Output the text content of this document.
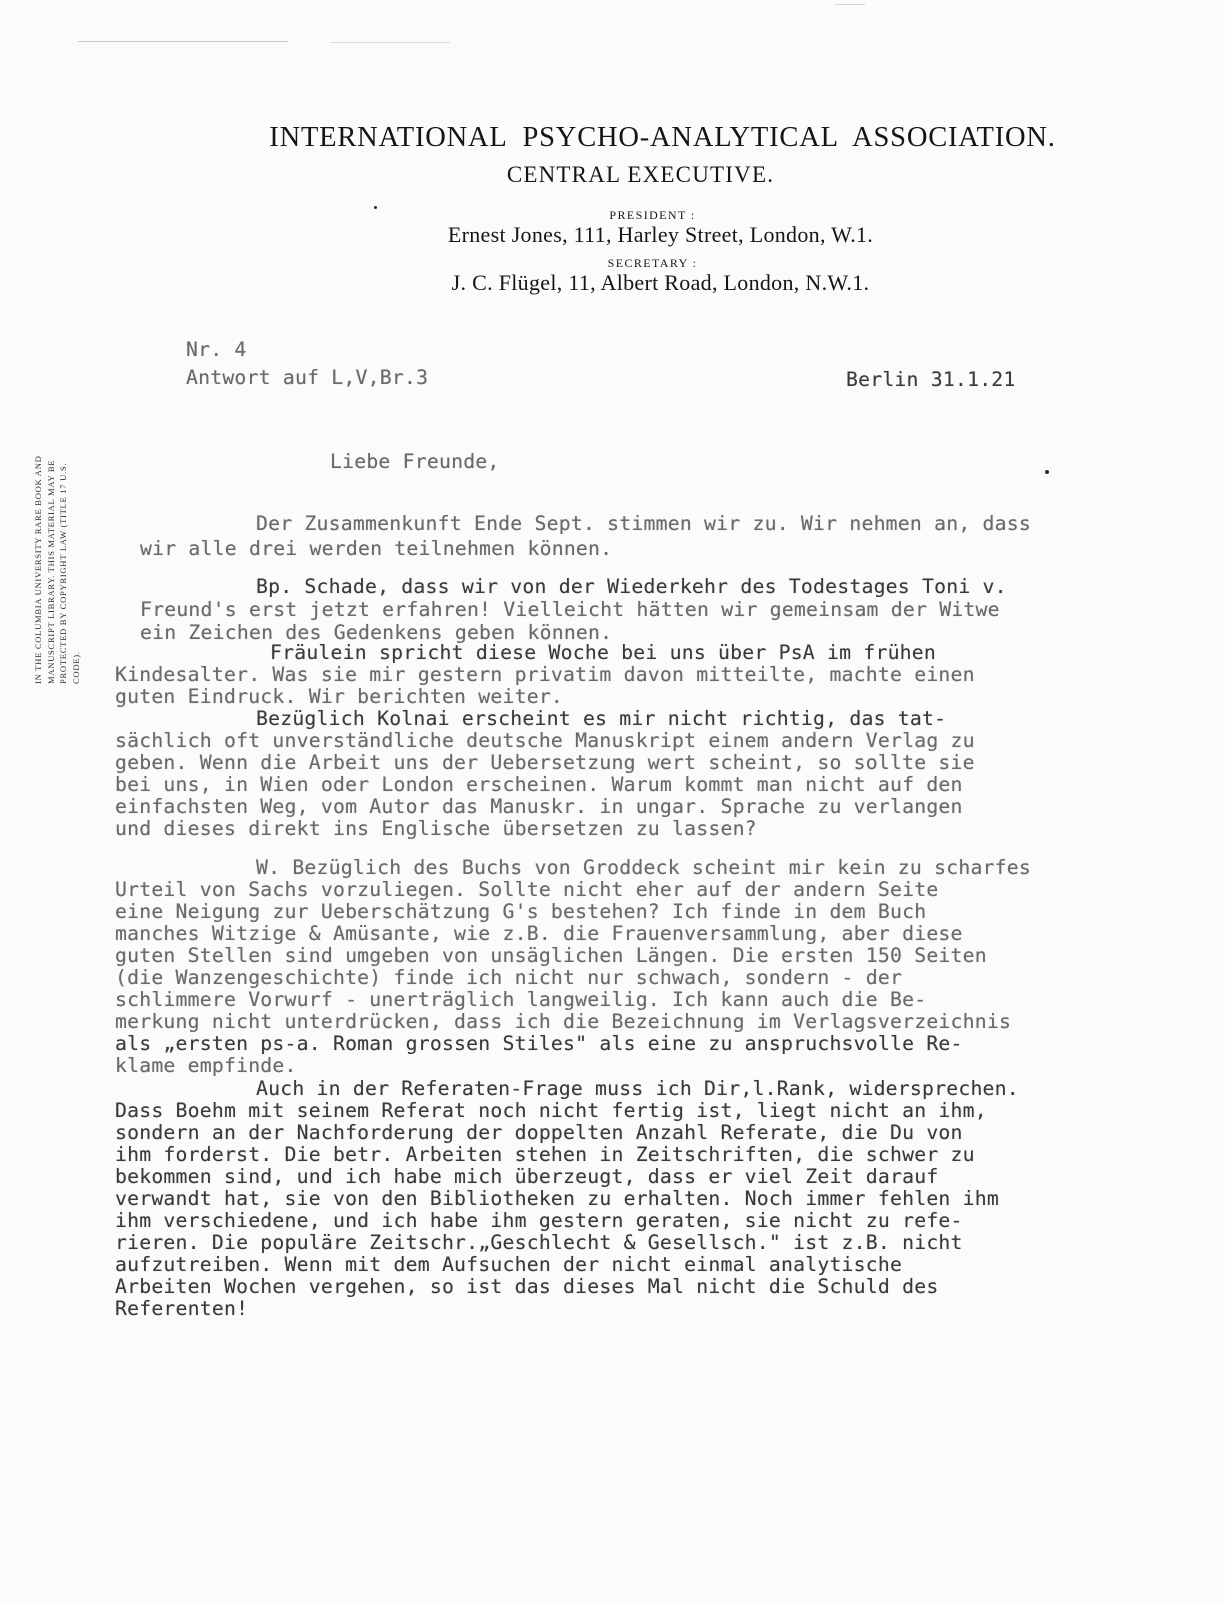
INTERNATIONAL PSYCHO-ANALYTICAL ASSOCIATION.
CENTRAL EXECUTIVE.
PRESIDENT :
Ernest Jones, 111, Harley Street, London, W.1.
SECRETARY :
J. C. Flügel, 11, Albert Road, London, N.W.1.
IN THE COLUMBIA UNIVERSITY RARE BOOK AND MANUSCRIPT LIBRARY. THIS MATERIAL MAY BE PROTECTED BY COPYRIGHT LAW (TITLE 17 U.S. CODE).
Nr. 4
Antwort auf L,V,Br.3	Berlin 31.1.21
Liebe Freunde,
Der Zusammenkunft Ende Sept. stimmen wir zu. Wir nehmen an, dass
wir alle drei werden teilnehmen können.
Bp. Schade, dass wir von der Wiederkehr des Todestages Toni v.
Freund's erst jetzt erfahren! Vielleicht hätten wir gemeinsam der Witwe
ein Zeichen des Gedenkens geben können.
Fräulein spricht diese Woche bei uns über PsA im frühen
Kindesalter. Was sie mir gestern privatim davon mitteilte, machte einen
guten Eindruck. Wir berichten weiter.
Bezüglich Kolnai erscheint es mir nicht richtig, das tat-
sächlich oft unverständliche deutsche Manuskript einem andern Verlag zu
geben. Wenn die Arbeit uns der Uebersetzung wert scheint, so sollte sie
bei uns, in Wien oder London erscheinen. Warum kommt man nicht auf den
einfachsten Weg, vom Autor das Manuskr. in ungar. Sprache zu verlangen
und dieses direkt ins Englische übersetzen zu lassen?
W. Bezüglich des Buchs von Groddeck scheint mir kein zu scharfes
Urteil von Sachs vorzuliegen. Sollte nicht eher auf der andern Seite
eine Neigung zur Ueberschätzung G's bestehen? Ich finde in dem Buch
manches Witzige & Amüsante, wie z.B. die Frauenversammlung, aber diese
guten Stellen sind umgeben von unsäglichen Längen. Die ersten 150 Seiten
(die Wanzengeschichte) finde ich nicht nur schwach, sondern - der
schlimmere Vorwurf - unerträglich langweilig. Ich kann auch die Be-
merkung nicht unterdrücken, dass ich die Bezeichnung im Verlagsverzeichnis
als „ersten ps-a. Roman grossen Stiles" als eine zu anspruchsvolle Re-
klame empfinde.
Auch in der Referaten-Frage muss ich Dir,l.Rank, widersprechen.
Dass Boehm mit seinem Referat noch nicht fertig ist, liegt nicht an ihm,
sondern an der Nachforderung der doppelten Anzahl Referate, die Du von
ihm forderst. Die betr. Arbeiten stehen in Zeitschriften, die schwer zu
bekommen sind, und ich habe mich überzeugt, dass er viel Zeit darauf
verwandt hat, sie von den Bibliotheken zu erhalten. Noch immer fehlen ihm
ihm verschiedene, und ich habe ihm gestern geraten, sie nicht zu refe-
rieren. Die populäre Zeitschr.„Geschlecht & Gesellsch." ist z.B. nicht
aufzutreiben. Wenn mit dem Aufsuchen der nicht einmal analytische
Arbeiten Wochen vergehen, so ist das dieses Mal nicht die Schuld des
Referenten!
